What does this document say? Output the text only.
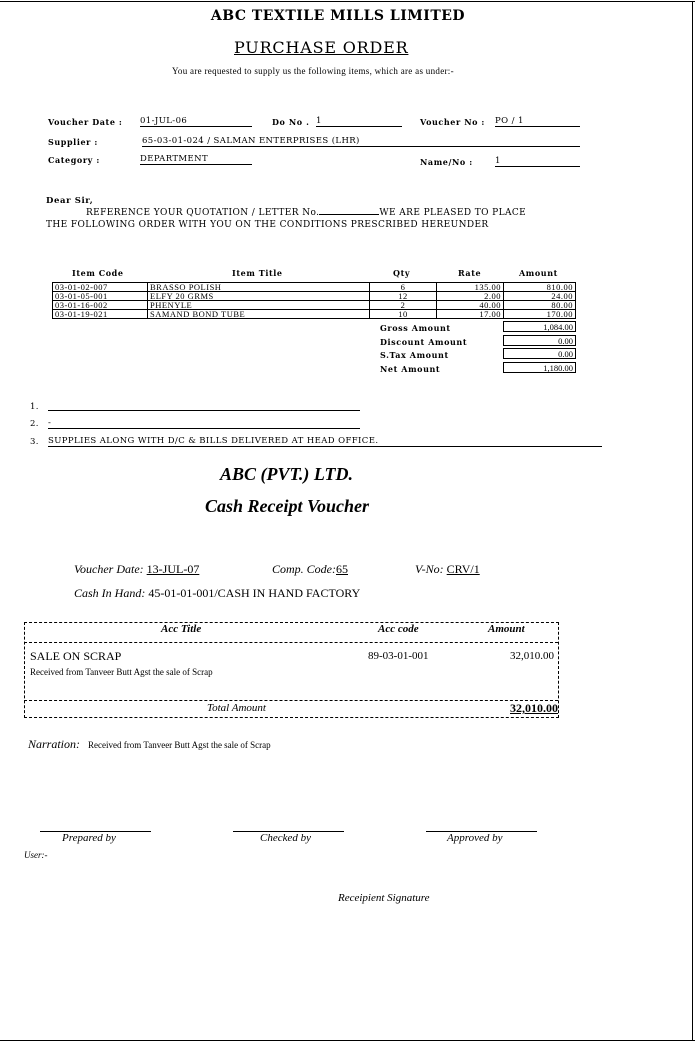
ABC TEXTILE MILLS LIMITED
PURCHASE ORDER
You are requested to supply us the following items, which are as under:-
Voucher Date : 01-JUL-06	Do No . 1	Voucher No : PO / 1
Supplier :	65-03-01-024 / SALMAN ENTERPRISES (LHR)
Category :	DEPARTMENT	Name/No :	1
Dear Sir,
REFERENCE YOUR QUOTATION / LETTER No.	WE ARE PLEASED TO PLACE
THE FOLLOWING ORDER WITH YOU ON THE CONDITIONS PRESCRIBED HEREUNDER
Item Code	Item Title	Qty	Rate	Amount
03-01-02-007	BRASSO POLISH	6	135.00	810.00
03-01-05-001	ELFY 20 GRMS	12	2.00	24.00
03-01-16-002	PHENYLE	2	40.00	80.00
03-01-19-021	SAMAND BOND TUBE	10	17.00	170.00
Gross Amount	1,084.00
Discount Amount	0.00
S.Tax Amount	0.00
Net Amount	1,180.00
1.
2. -
3. SUPPLIES ALONG WITH D/C & BILLS DELIVERED AT HEAD OFFICE.
ABC (PVT.) LTD.
Cash Receipt Voucher
Voucher Date: 13-JUL-07	Comp. Code:65	V-No: CRV/1
Cash In Hand: 45-01-01-001/CASH IN HAND FACTORY
Acc Title	Acc code	Amount
SALE ON SCRAP	89-03-01-001	32,010.00
Received from Tanveer Butt Agst the sale of Scrap
Total Amount	32,010.00
Narration: Received from Tanveer Butt Agst the sale of Scrap
Prepared by	Checked by	Approved by
User:-
Receipient Signature
